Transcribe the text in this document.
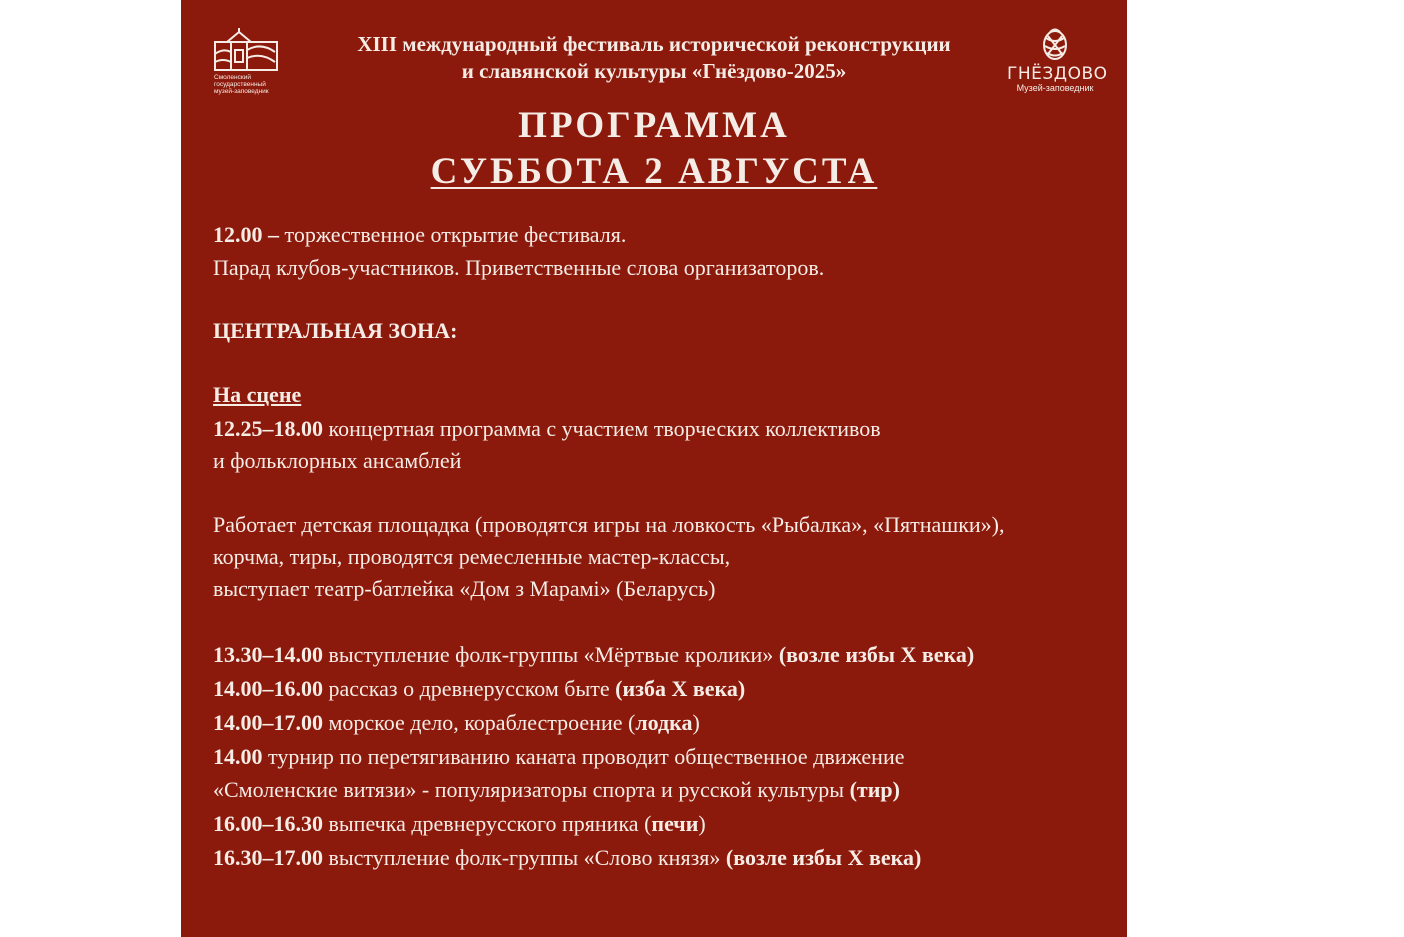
Смоленский
государственный
музей-заповедник
XIII международный фестиваль исторической реконструкции
и славянской культуры «Гнёздово-2025»	ГНЁЗДОВО
Музей-заповедник
ПРОГРАММА
СУББОТА 2 АВГУСТА
12.00 – торжественное открытие фестиваля.
Парад клубов-участников. Приветственные слова организаторов.
ЦЕНТРАЛЬНАЯ ЗОНА:
На сцене
12.25–18.00 концертная программа с участием творческих коллективов
и фольклорных ансамблей
Работает детская площадка (проводятся игры на ловкость «Рыбалка», «Пятнашки»),
корчма, тиры, проводятся ремесленные мастер-классы,
выступает театр-батлейка «Дом з Марамі» (Беларусь)
13.30–14.00 выступление фолк-группы «Мёртвые кролики» (возле избы X века)
14.00–16.00 рассказ о древнерусском быте (изба X века)
14.00–17.00 морское дело, кораблестроение (лодка)
14.00 турнир по перетягиванию каната проводит общественное движение
«Смоленские витязи» - популяризаторы спорта и русской культуры (тир)
16.00–16.30 выпечка древнерусского пряника (печи)
16.30–17.00 выступление фолк-группы «Слово князя» (возле избы X века)
